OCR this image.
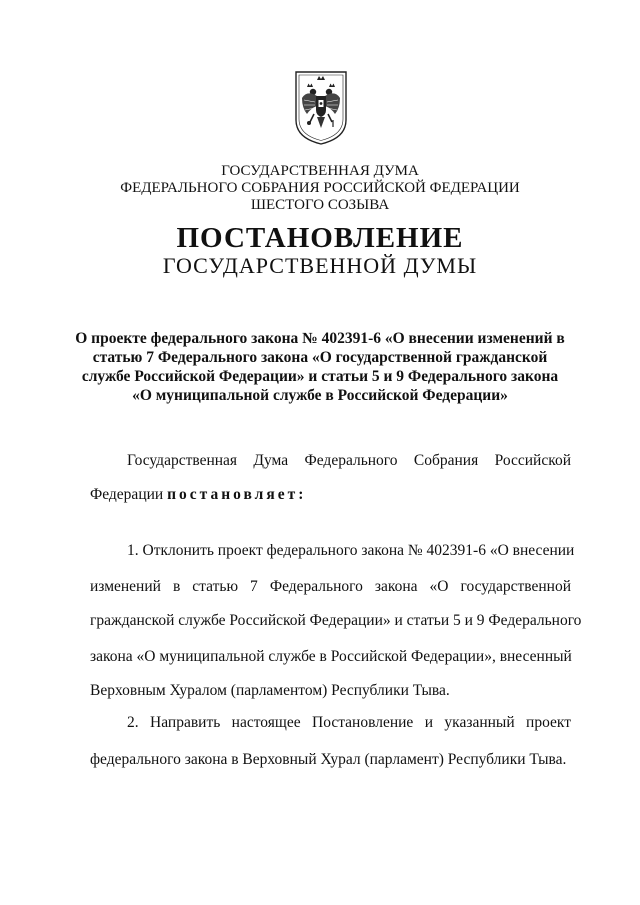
ГОСУДАРСТВЕННАЯ ДУМА
ФЕДЕРАЛЬНОГО СОБРАНИЯ РОССИЙСКОЙ ФЕДЕРАЦИИ
ШЕСТОГО СОЗЫВА
ПОСТАНОВЛЕНИЕ
ГОСУДАРСТВЕННОЙ ДУМЫ
О проекте федерального закона № 402391-6 «О внесении изменений в
статью 7 Федерального закона «О государственной гражданской
службе Российской Федерации» и статьи 5 и 9 Федерального закона
«О муниципальной службе в Российской Федерации»
Государственная Дума Федерального Собрания Российской
Федерации постановляет:
1. Отклонить проект федерального закона № 402391-6 «О внесении
изменений в статью 7 Федерального закона «О государственной
гражданской службе Российской Федерации» и статьи 5 и 9 Федерального
закона «О муниципальной службе в Российской Федерации», внесенный
Верховным Хуралом (парламентом) Республики Тыва.
2. Направить настоящее Постановление и указанный проект
федерального закона в Верховный Хурал (парламент) Республики Тыва.
